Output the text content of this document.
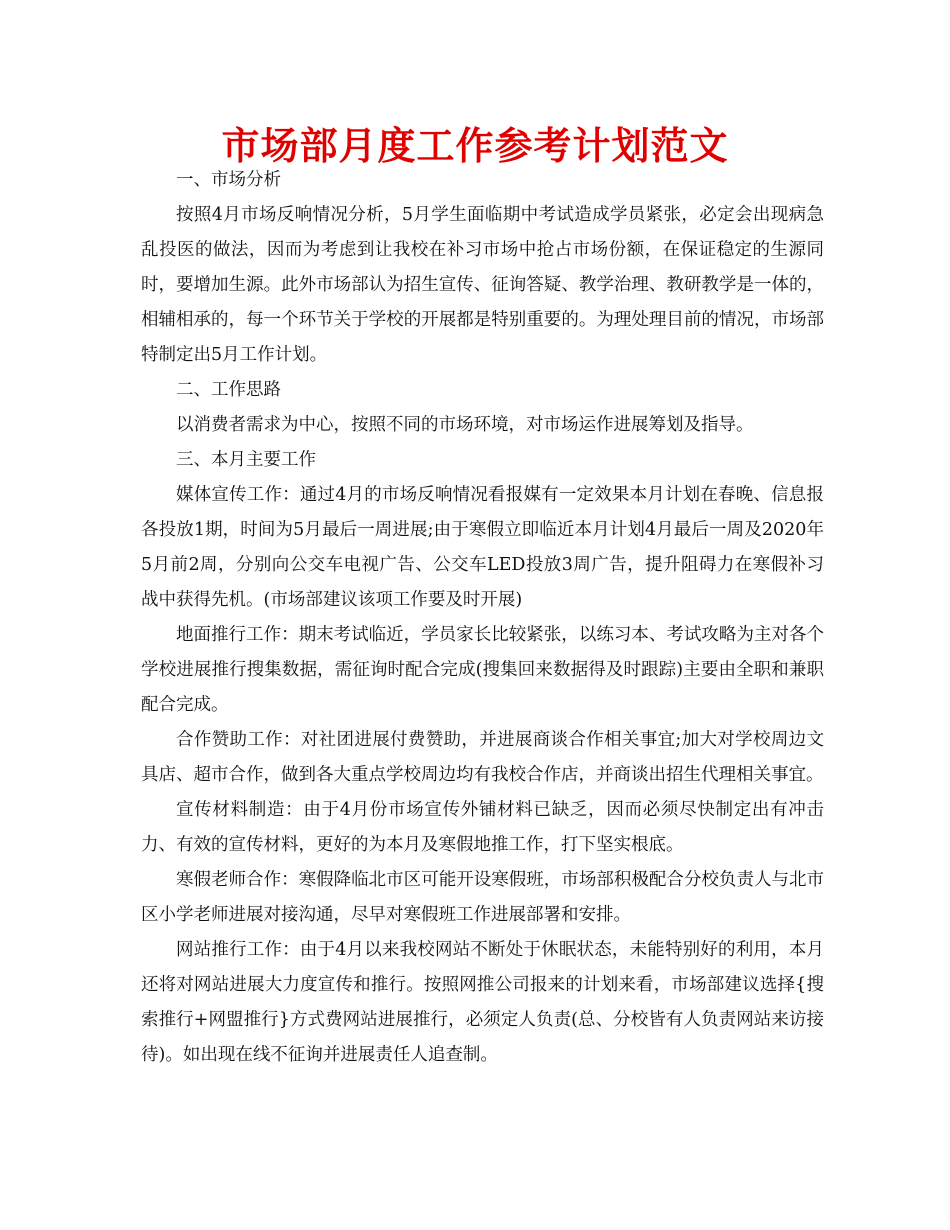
市场部月度工作参考计划范文

一、市场分析

按照4月市场反响情况分析，5月学生面临期中考试造成学员紧张，必定会出现病急乱投医的做法，因而为考虑到让我校在补习市场中抢占市场份额，在保证稳定的生源同时，要增加生源。此外市场部认为招生宣传、征询答疑、教学治理、教研教学是一体的，相辅相承的，每一个环节关于学校的开展都是特别重要的。为理处理目前的情况，市场部特制定出5月工作计划。

二、工作思路

以消费者需求为中心，按照不同的市场环境，对市场运作进展筹划及指导。

三、本月主要工作

媒体宣传工作：通过4月的市场反响情况看报媒有一定效果本月计划在春晚、信息报各投放1期，时间为5月最后一周进展;由于寒假立即临近本月计划4月最后一周及2020年5月前2周，分别向公交车电视广告、公交车LED投放3周广告，提升阻碍力在寒假补习战中获得先机。(市场部建议该项工作要及时开展)

地面推行工作：期末考试临近，学员家长比较紧张，以练习本、考试攻略为主对各个学校进展推行搜集数据，需征询时配合完成(搜集回来数据得及时跟踪)主要由全职和兼职配合完成。

合作赞助工作：对社团进展付费赞助，并进展商谈合作相关事宜;加大对学校周边文具店、超市合作，做到各大重点学校周边均有我校合作店，并商谈出招生代理相关事宜。

宣传材料制造：由于4月份市场宣传外铺材料已缺乏，因而必须尽快制定出有冲击力、有效的宣传材料，更好的为本月及寒假地推工作，打下坚实根底。

寒假老师合作：寒假降临北市区可能开设寒假班，市场部积极配合分校负责人与北市区小学老师进展对接沟通，尽早对寒假班工作进展部署和安排。

网站推行工作：由于4月以来我校网站不断处于休眠状态，未能特别好的利用，本月还将对网站进展大力度宣传和推行。按照网推公司报来的计划来看，市场部建议选择{搜索推行+网盟推行}方式费网站进展推行，必须定人负责(总、分校皆有人负责网站来访接待)。如出现在线不征询并进展责任人追查制。
